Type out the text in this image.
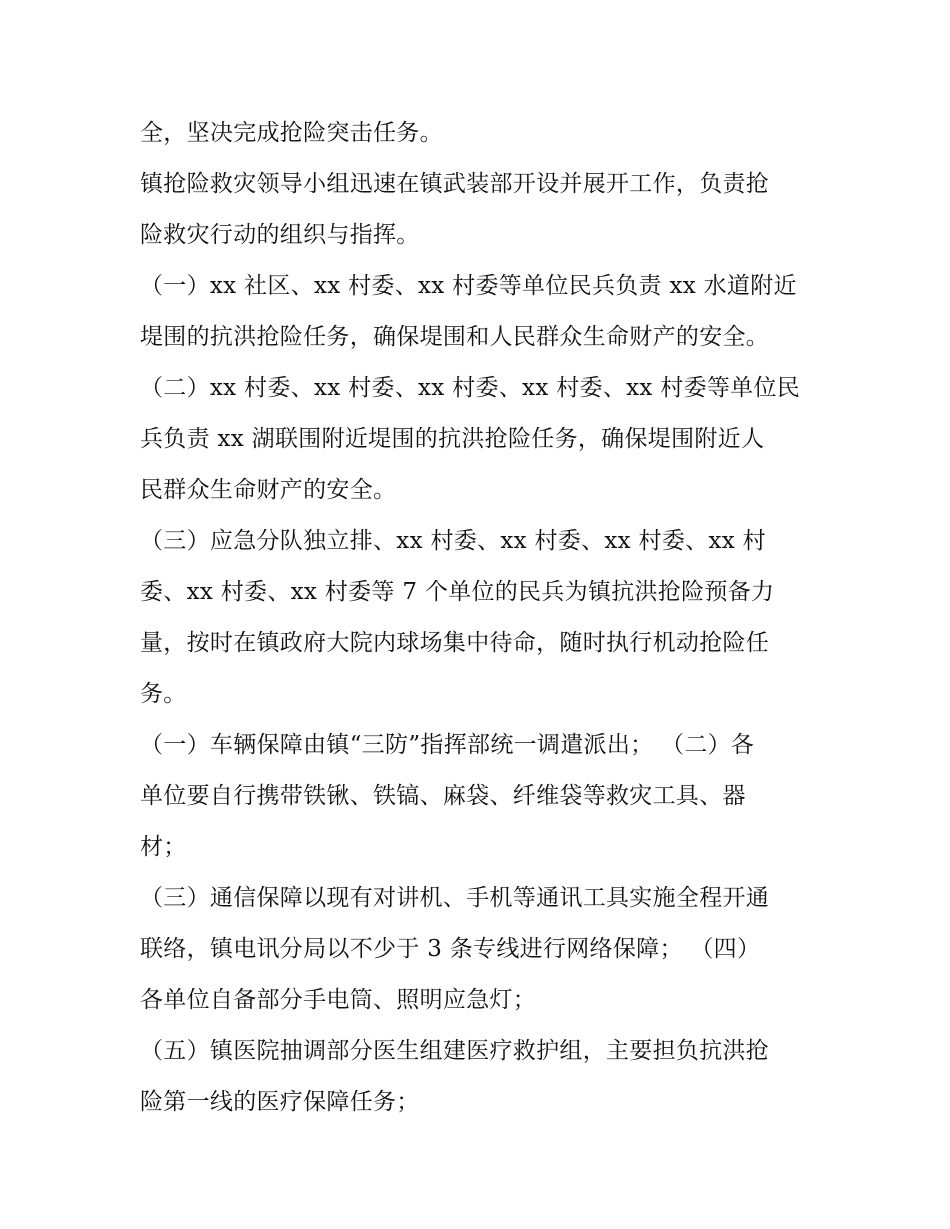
全，坚决完成抢险突击任务。
镇抢险救灾领导小组迅速在镇武装部开设并展开工作，负责抢
险救灾行动的组织与指挥。
（一）xx 社区、xx 村委、xx 村委等单位民兵负责 xx 水道附近
堤围的抗洪抢险任务，确保堤围和人民群众生命财产的安全。
（二）xx 村委、xx 村委、xx 村委、xx 村委、xx 村委等单位民
兵负责 xx 湖联围附近堤围的抗洪抢险任务，确保堤围附近人
民群众生命财产的安全。
（三）应急分队独立排、xx 村委、xx 村委、xx 村委、xx 村
委、xx 村委、xx 村委等 7 个单位的民兵为镇抗洪抢险预备力
量，按时在镇政府大院内球场集中待命，随时执行机动抢险任
务。
（一）车辆保障由镇“三防”指挥部统一调遣派出； （二）各
单位要自行携带铁锹、铁镐、麻袋、纤维袋等救灾工具、器
材；
（三）通信保障以现有对讲机、手机等通讯工具实施全程开通
联络，镇电讯分局以不少于 3 条专线进行网络保障； （四）
各单位自备部分手电筒、照明应急灯；
（五）镇医院抽调部分医生组建医疗救护组，主要担负抗洪抢
险第一线的医疗保障任务；
